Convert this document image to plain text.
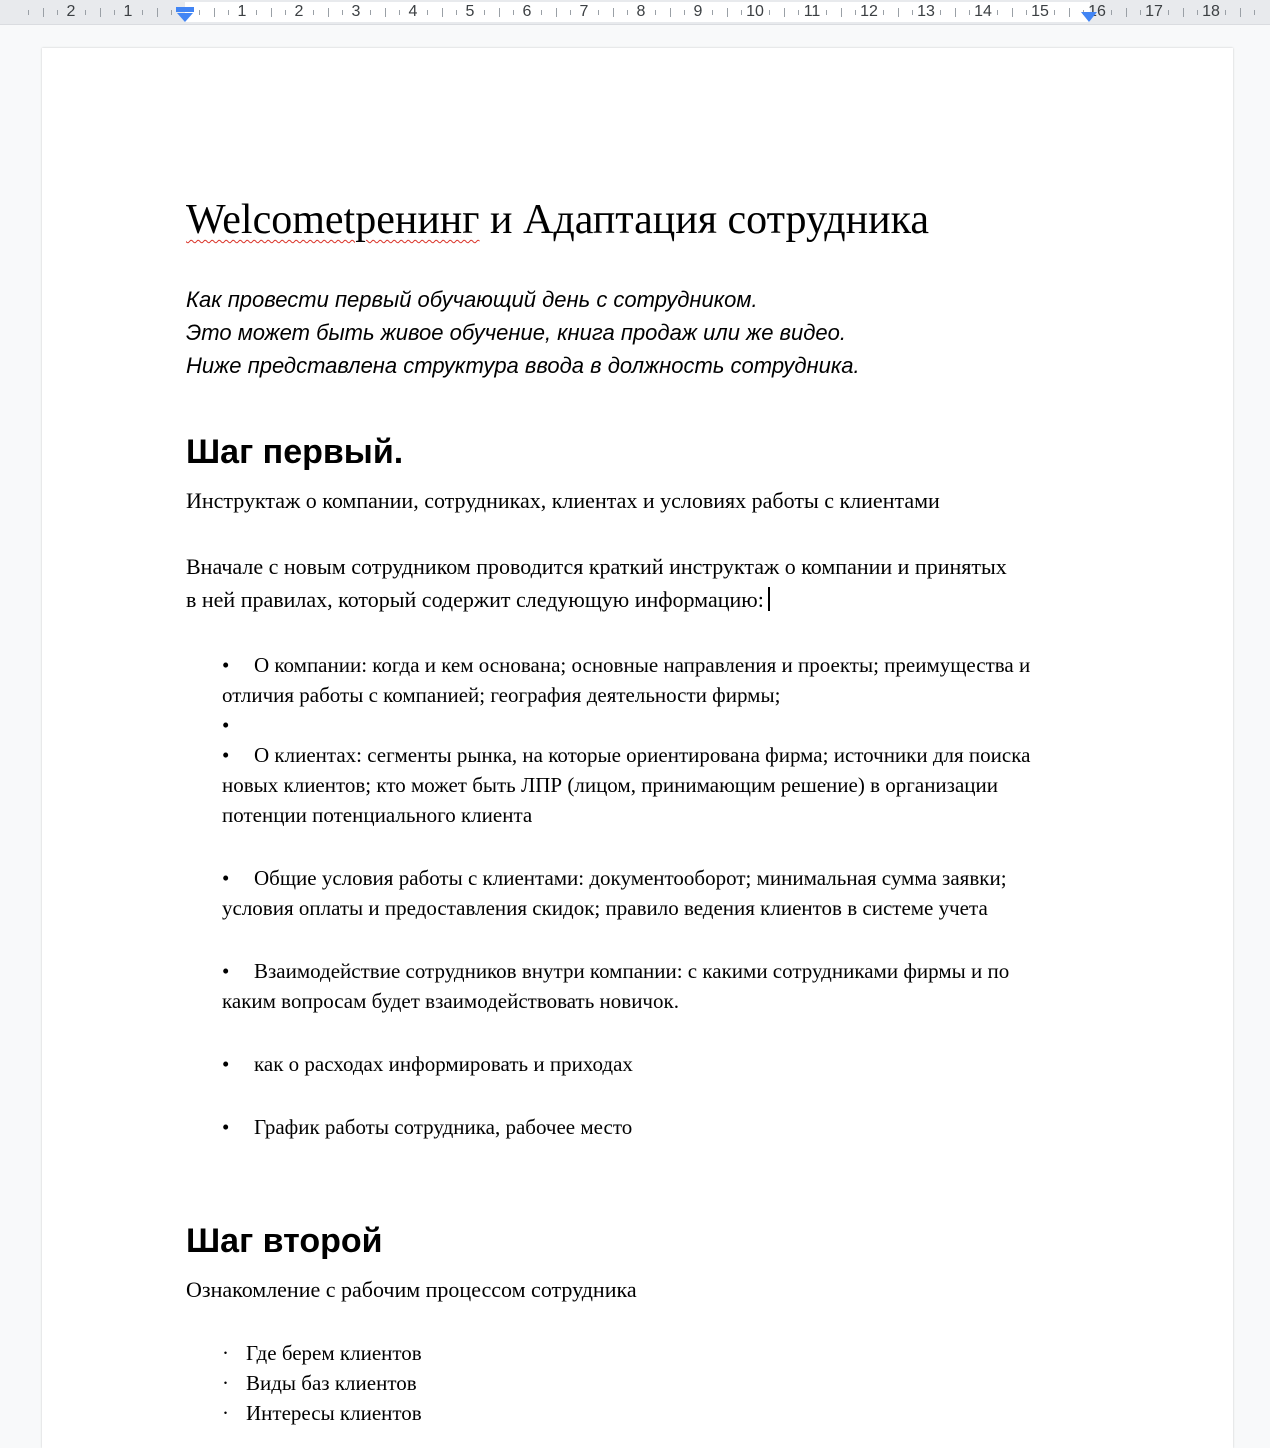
2	1	1	2	3	4	5	6	7	8	9	10 11 12 13 14 15 16 17 18
Welcometренинг и Адаптация сотрудника
Как провести первый обучающий день с сотрудником.
Это может быть живое обучение, книга продаж или же видео.
Ниже представлена структура ввода в должность сотрудника.
Шаг первый.
Инструктаж о компании, сотрудниках, клиентах и условиях работы с клиентами
Вначале с новым сотрудником проводится краткий инструктаж о компании и принятых
в ней правилах, который содержит следующую информацию:
• О компании: когда и кем основана; основные направления и проекты; преимущества и
отличия работы с компанией; география деятельности фирмы;
•
• О клиентах: сегменты рынка, на которые ориентирована фирма; источники для поиска
новых клиентов; кто может быть ЛПР (лицом, принимающим решение) в организации
потенции потенциального клиента
• Общие условия работы с клиентами: документооборот; минимальная сумма заявки;
условия оплаты и предоставления скидок; правило ведения клиентов в системе учета
• Взаимодействие сотрудников внутри компании: с какими сотрудниками фирмы и по
каким вопросам будет взаимодействовать новичок.
• как о расходах информировать и приходах
• График работы сотрудника, рабочее место
Шаг второй
Ознакомление с рабочим процессом сотрудника
· Где берем клиентов
· Виды баз клиентов
· Интересы клиентов
